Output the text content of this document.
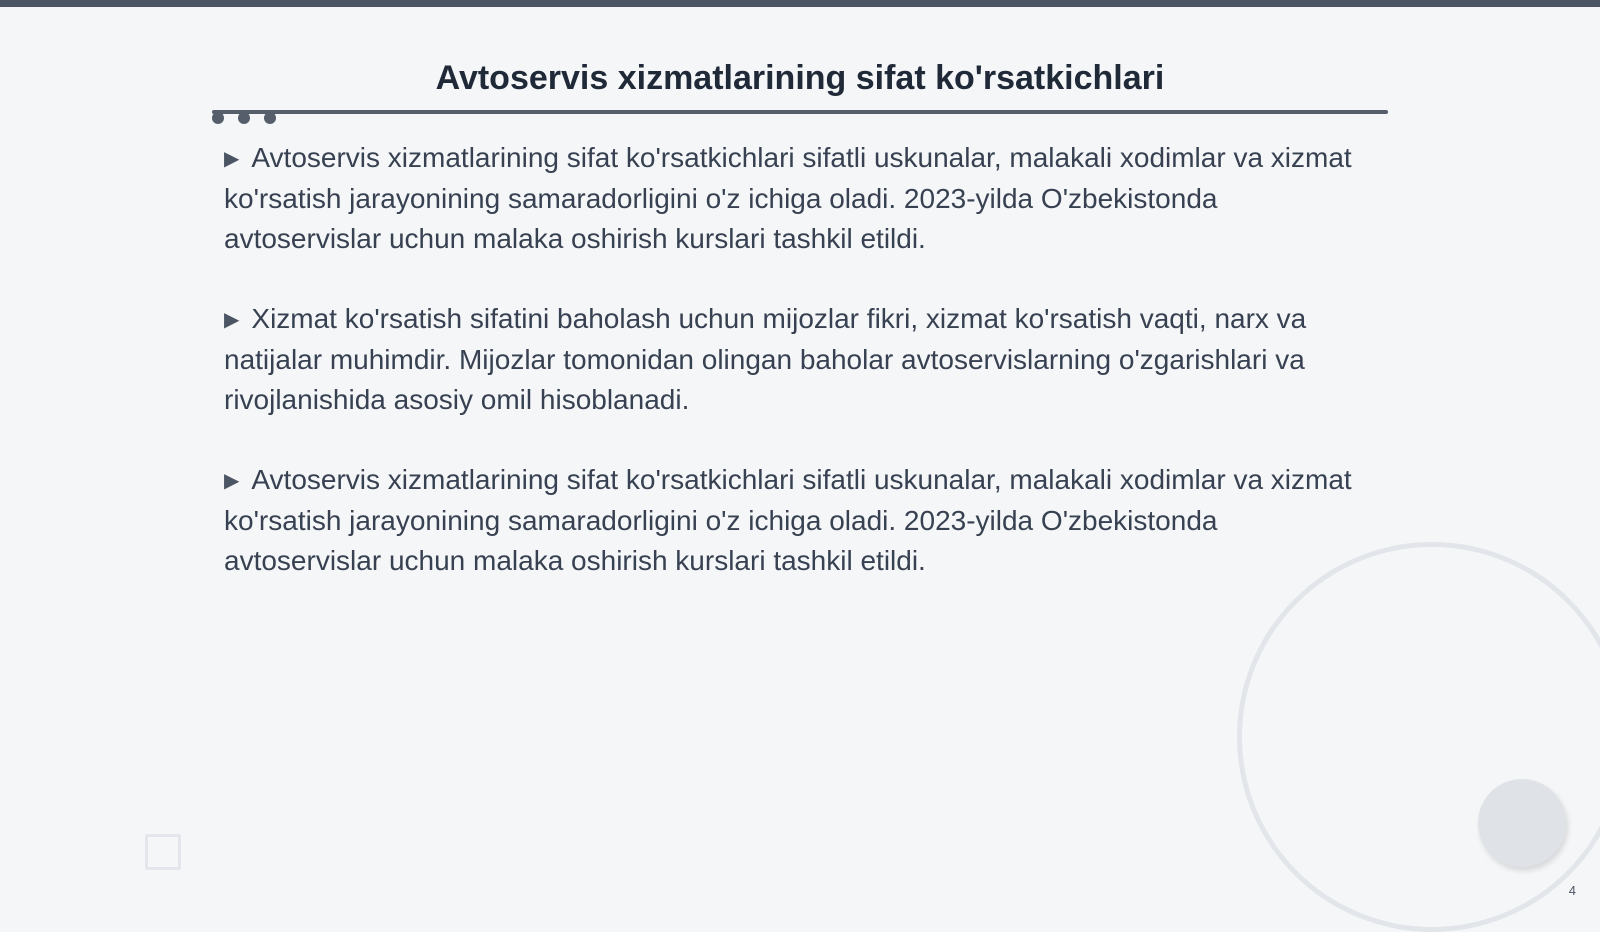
Avtoservis xizmatlarining sifat ko'rsatkichlari

▶ Avtoservis xizmatlarining sifat ko'rsatkichlari sifatli uskunalar, malakali xodimlar va xizmat ko'rsatish jarayonining samaradorligini o'z ichiga oladi. 2023-yilda O'zbekistonda avtoservislar uchun malaka oshirish kurslari tashkil etildi.

▶ Xizmat ko'rsatish sifatini baholash uchun mijozlar fikri, xizmat ko'rsatish vaqti, narx va natijalar muhimdir. Mijozlar tomonidan olingan baholar avtoservislarning o'zgarishlari va rivojlanishida asosiy omil hisoblanadi.

▶ Avtoservis xizmatlarining sifat ko'rsatkichlari sifatli uskunalar, malakali xodimlar va xizmat ko'rsatish jarayonining samaradorligini o'z ichiga oladi. 2023-yilda O'zbekistonda avtoservislar uchun malaka oshirish kurslari tashkil etildi.

4
